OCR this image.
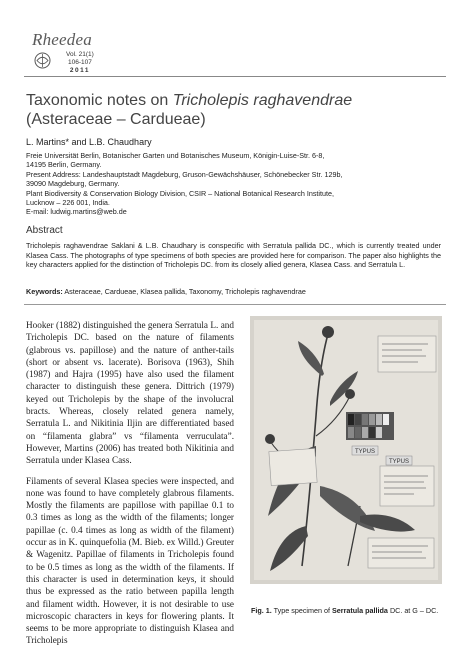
Rheedea
Vol. 21(1)
106-107
2011
Taxonomic notes on Tricholepis raghavendrae
(Asteraceae – Cardueae)
L. Martins* and L.B. Chaudhary
Freie Universität Berlin, Botanischer Garten und Botanisches Museum, Königin-Luise-Str. 6-8,
14195 Berlin, Germany.
Present Address: Landeshauptstadt Magdeburg, Gruson-Gewächshäuser, Schönebecker Str. 129b,
39090 Magdeburg, Germany.
Plant Biodiversity & Conservation Biology Division, CSIR – National Botanical Research Institute,
Lucknow – 226 001, India.
E-mail: ludwig.martins@web.de
Abstract
Tricholepis raghavendrae Saklani & L.B. Chaudhary is conspecific with Serratula pallida DC., which is currently treated under Klasea Cass. The photographs of type specimens of both species are provided here for comparison. The paper also highlights the key characters applied for the distinction of Tricholepis DC. from its closely allied genera, Klasea Cass. and Serratula L.
Keywords: Asteraceae, Cardueae, Klasea pallida, Taxonomy, Tricholepis raghavendrae

Hooker (1882) distinguished the genera Serratula L. and Tricholepis DC. based on the nature of filaments (glabrous vs. papillose) and the nature of anther-tails (short or absent vs. lacerate). Borisova (1963), Shih (1987) and Hajra (1995) have also used the filament character to distinguish these genera. Dittrich (1979) keyed out Tricholepis by the shape of the involucral bracts. Whereas, closely related genera namely, Serratula L. and Nikitinia Iljin are differentiated based on “filamenta glabra” vs “filamenta verruculata”. However, Martins (2006) has treated both Nikitinia and Serratula under Klasea Cass.

Filaments of several Klasea species were inspected, and none was found to have completely glabrous filaments. Mostly the filaments are papillose with papillae 0.1 to 0.3 times as long as the width of the filaments; longer papillae (c. 0.4 times as long as width of the filament) occur as in K. quinquefolia (M. Bieb. ex Willd.) Greuter & Wagenitz. Papillae of filaments in Tricholepis found to be 0.5 times as long as the width of the filaments. If this character is used in determination keys, it should thus be expressed as the ratio between papilla length and filament width. However, it is not desirable to use microscopic characters in keys for flowering plants. It seems to be more appropriate to distinguish Klasea and Tricholepis

TYPUS
TYPUS
Fig. 1. Type specimen of Serratula pallida DC. at G – DC.
